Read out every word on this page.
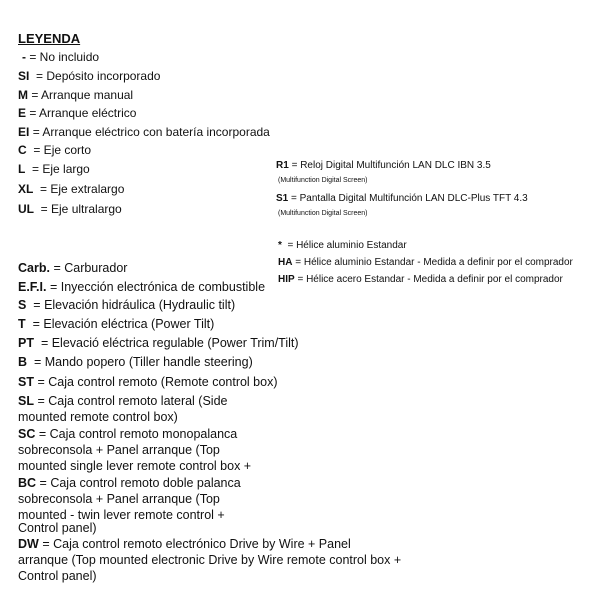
LEYENDA
- = No incluido
SI = Depósito incorporado
M = Arranque manual
E = Arranque eléctrico
EI = Arranque eléctrico con batería incorporada
C = Eje corto
L = Eje largo
XL = Eje extralargo
UL = Eje ultralargo
R1 = Reloj Digital Multifunción LAN DLC IBN 3.5
(Multifunction Digital Screen)
S1 = Pantalla Digital Multifunción LAN DLC-Plus TFT 4.3
(Multifunction Digital Screen)
* = Hélice aluminio Estandar
HA = Hélice aluminio Estandar - Medida a definir por el comprador
HIP = Hélice acero Estandar - Medida a definir por el comprador
Carb. = Carburador
E.F.I. = Inyección electrónica de combustible
S = Elevación hidráulica (Hydraulic tilt)
T = Elevación eléctrica (Power Tilt)
PT = Elevació eléctrica regulable (Power Trim/Tilt)
B = Mando popero (Tiller handle steering)
ST = Caja control remoto (Remote control box)
SL = Caja control remoto lateral (Side
mounted remote control box)
SC = Caja control remoto monopalanca
sobreconsola + Panel arranque (Top
mounted single lever remote control box +
BC = Caja control remoto doble palanca
sobreconsola + Panel arranque (Top
mounted - twin lever remote control +
Control panel)
DW = Caja control remoto electrónico Drive by Wire + Panel
arranque (Top mounted electronic Drive by Wire remote control box +
Control panel)
